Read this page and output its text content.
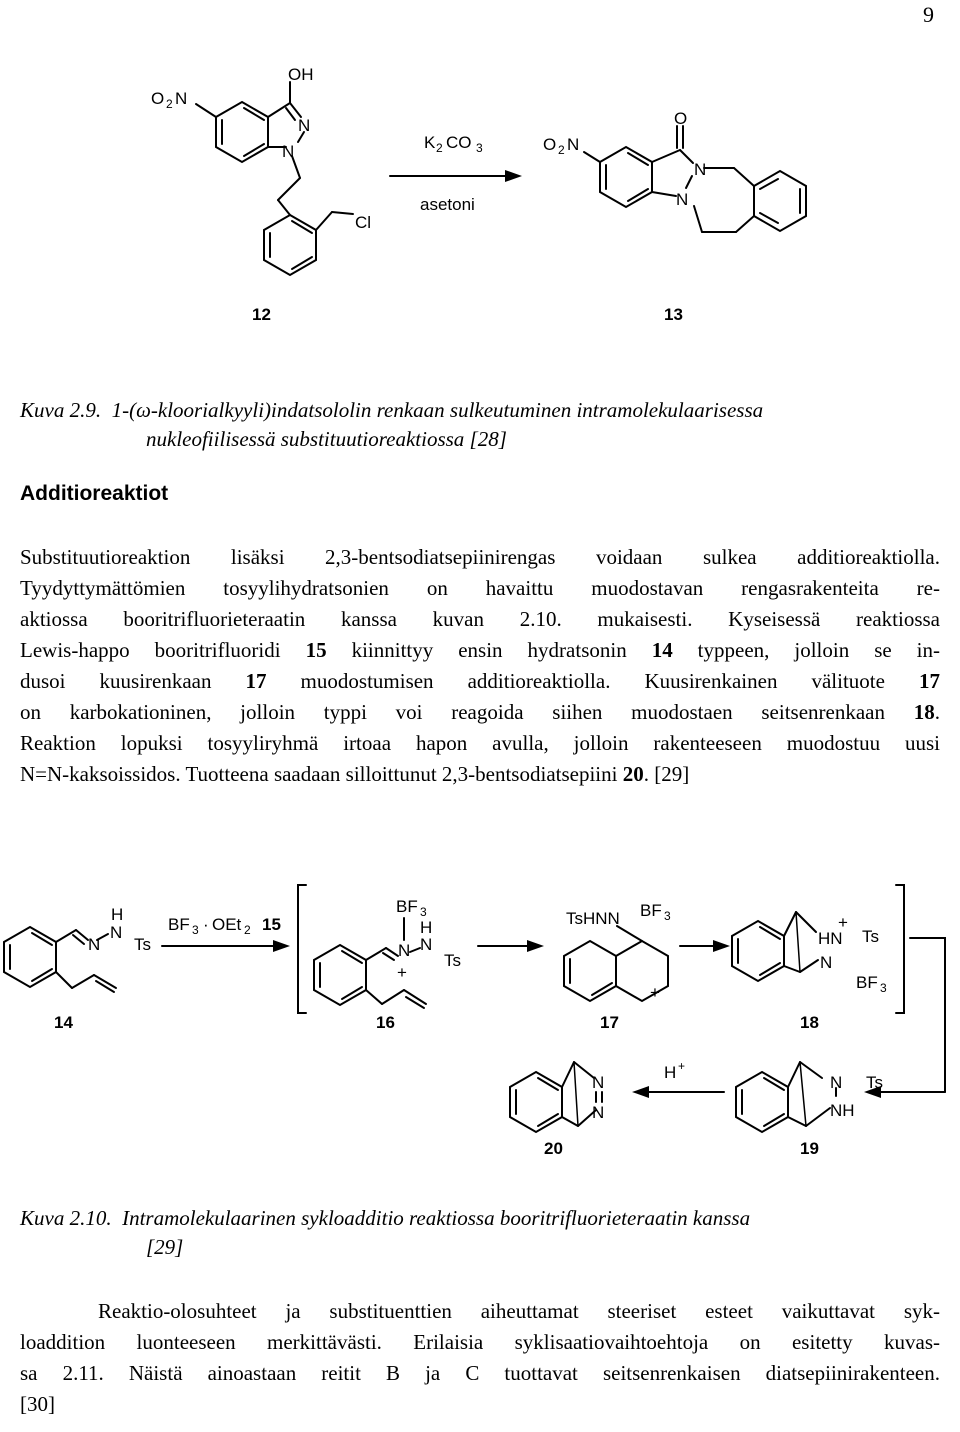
9
O 2 N
OH
N
N
Cl
12
K 2 CO 3
asetoni
O 2 N
O
N
N
13
Kuva 2.9. 1-(ω-kloorialkyyli)indatsololin renkaan sulkeutuminen intramolekulaarisessa
nukleofiilisessä substituutioreaktiossa [28]
Additioreaktiot
Substituutioreaktion lisäksi 2,3-bentsodiatsepiinirengas voidaan sulkea additioreaktiolla.
Tyydyttymättömien tosyylihydratsonien on havaittu muodostavan rengasrakenteita re-
aktiossa booritrifluorieteraatin kanssa kuvan 2.10. mukaisesti. Kyseisessä reaktiossa
Lewis-happo booritrifluoridi 15 kiinnittyy ensin hydratsonin 14 typpeen, jolloin se in-
dusoi kuusirenkaan 17 muodostumisen additioreaktiolla. Kuusirenkainen välituote 17
on karbokationinen, jolloin typpi voi reagoida siihen muodostaen seitsenrenkaan 18.
Reaktion lopuksi tosyyliryhmä irtoaa hapon avulla, jolloin rakenteeseen muodostuu uusi
N=N-kaksoissidos. Tuotteena saadaan silloittunut 2,3-bentsodiatsepiini 20. [29]
H
N
N
Ts
14
BF 3 · OEt 2 15
BF 3
H
N N
Ts
+
16
TsHNN BF 3
+
17
+
HN Ts
N
BF 3
18
N Ts
NH
19
H +
N
N
20
Kuva 2.10. Intramolekulaarinen sykloadditio reaktiossa booritrifluorieteraatin kanssa
[29]
Reaktio-olosuhteet ja substituenttien aiheuttamat steeriset esteet vaikuttavat syk-
loaddition luonteeseen merkittävästi. Erilaisia syklisaatiovaihtoehtoja on esitetty kuvas-
sa 2.11. Näistä ainoastaan reitit B ja C tuottavat seitsenrenkaisen diatsepiinirakenteen.
[30]
